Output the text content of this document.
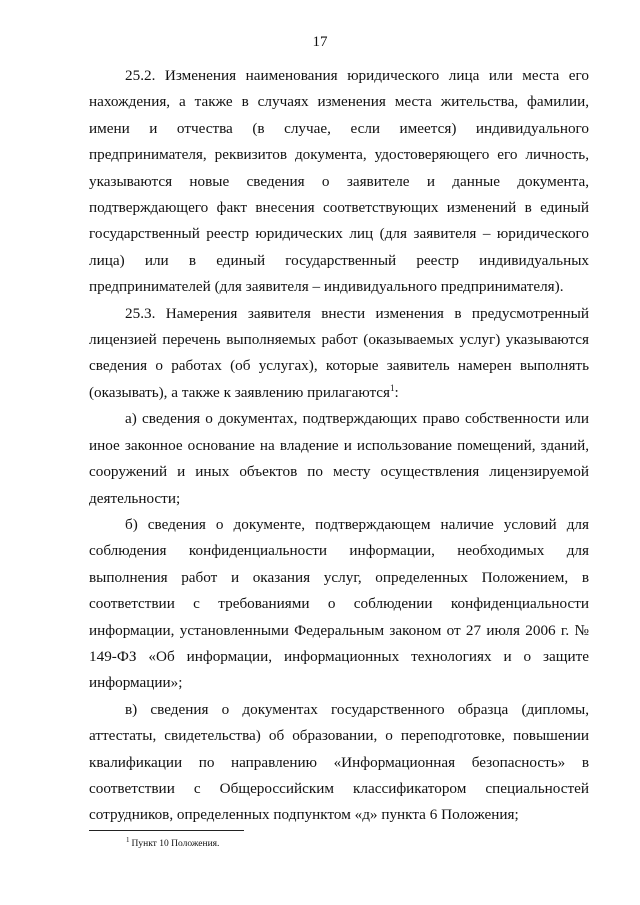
17

25.2. Изменения наименования юридического лица или места его нахождения, а также в случаях изменения места жительства, фамилии, имени и отчества (в случае, если имеется) индивидуального предпринимателя, реквизитов документа, удостоверяющего его личность, указываются новые сведения о заявителе и данные документа, подтверждающего факт внесения соответствующих изменений в единый государственный реестр юридических лиц (для заявителя – юридического лица) или в единый государственный реестр индивидуальных предпринимателей (для заявителя – индивидуального предпринимателя).

25.3. Намерения заявителя внести изменения в предусмотренный лицензией перечень выполняемых работ (оказываемых услуг) указываются сведения о работах (об услугах), которые заявитель намерен выполнять (оказывать), а также к заявлению прилагаются$^1$:

а) сведения о документах, подтверждающих право собственности или иное законное основание на владение и использование помещений, зданий, сооружений и иных объектов по месту осуществления лицензируемой деятельности;

б) сведения о документе, подтверждающем наличие условий для соблюдения конфиденциальности информации, необходимых для выполнения работ и оказания услуг, определенных Положением, в соответствии с требованиями о соблюдении конфиденциальности информации, установленными Федеральным законом от 27 июля 2006 г. № 149-ФЗ «Об информации, информационных технологиях и о защите информации»;

в) сведения о документах государственного образца (дипломы, аттестаты, свидетельства) об образовании, о переподготовке, повышении квалификации по направлению «Информационная безопасность» в соответствии с Общероссийским классификатором специальностей сотрудников, определенных подпунктом «д» пункта 6 Положения;

$^1$ Пункт 10 Положения.
